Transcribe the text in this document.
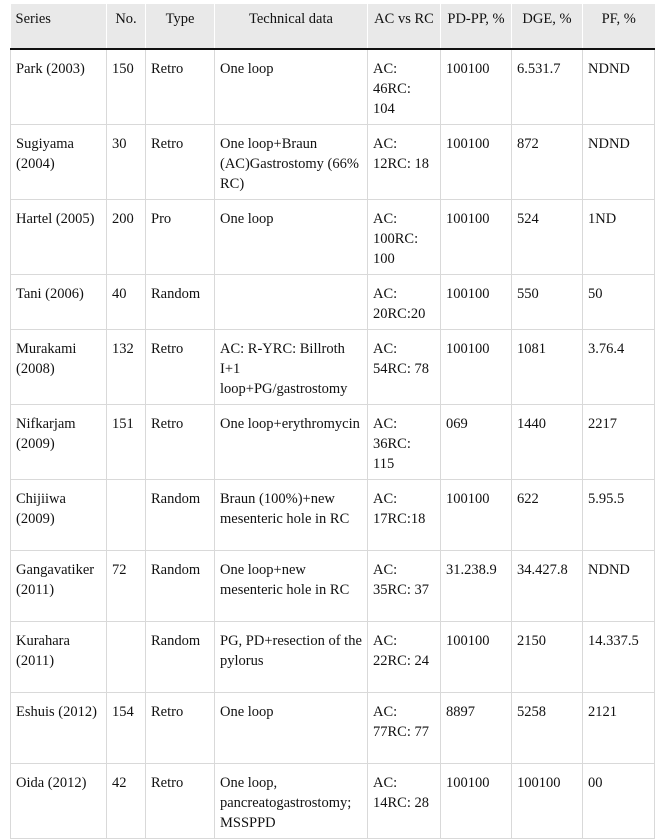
Series	No.	Type	Technical data	AC vs RC	PD-PP, %	DGE, %	PF, %
Park (2003)	150	Retro	One loop	AC: 46RC: 104	100100	6.531.7	NDND
Sugiyama (2004)	30	Retro	One loop+Braun (AC)Gastrostomy (66% RC)	AC: 12RC: 18	100100	872	NDND
Hartel (2005)	200	Pro	One loop	AC: 100RC: 100	100100	524	1ND
Tani (2006)	40	Random		AC: 20RC:20	100100	550	50
Murakami (2008)	132	Retro	AC: R-YRC: Billroth I+1 loop+PG/gastrostomy	AC: 54RC: 78	100100	1081	3.76.4
Nifkarjam (2009)	151	Retro	One loop+erythromycin	AC: 36RC: 115	069	1440	2217
Chijiiwa (2009)		Random	Braun (100%)+new mesenteric hole in RC	AC: 17RC:18	100100	622	5.95.5
Gangavatiker (2011)	72	Random	One loop+new mesenteric hole in RC	AC: 35RC: 37	31.238.9	34.427.8	NDND
Kurahara (2011)		Random	PG, PD+resection of the pylorus	AC: 22RC: 24	100100	2150	14.337.5
Eshuis (2012)	154	Retro	One loop	AC: 77RC: 77	8897	5258	2121
Oida (2012)	42	Retro	One loop, pancreatogastrostomy; MSSPPD	AC: 14RC: 28	100100	100100	00
